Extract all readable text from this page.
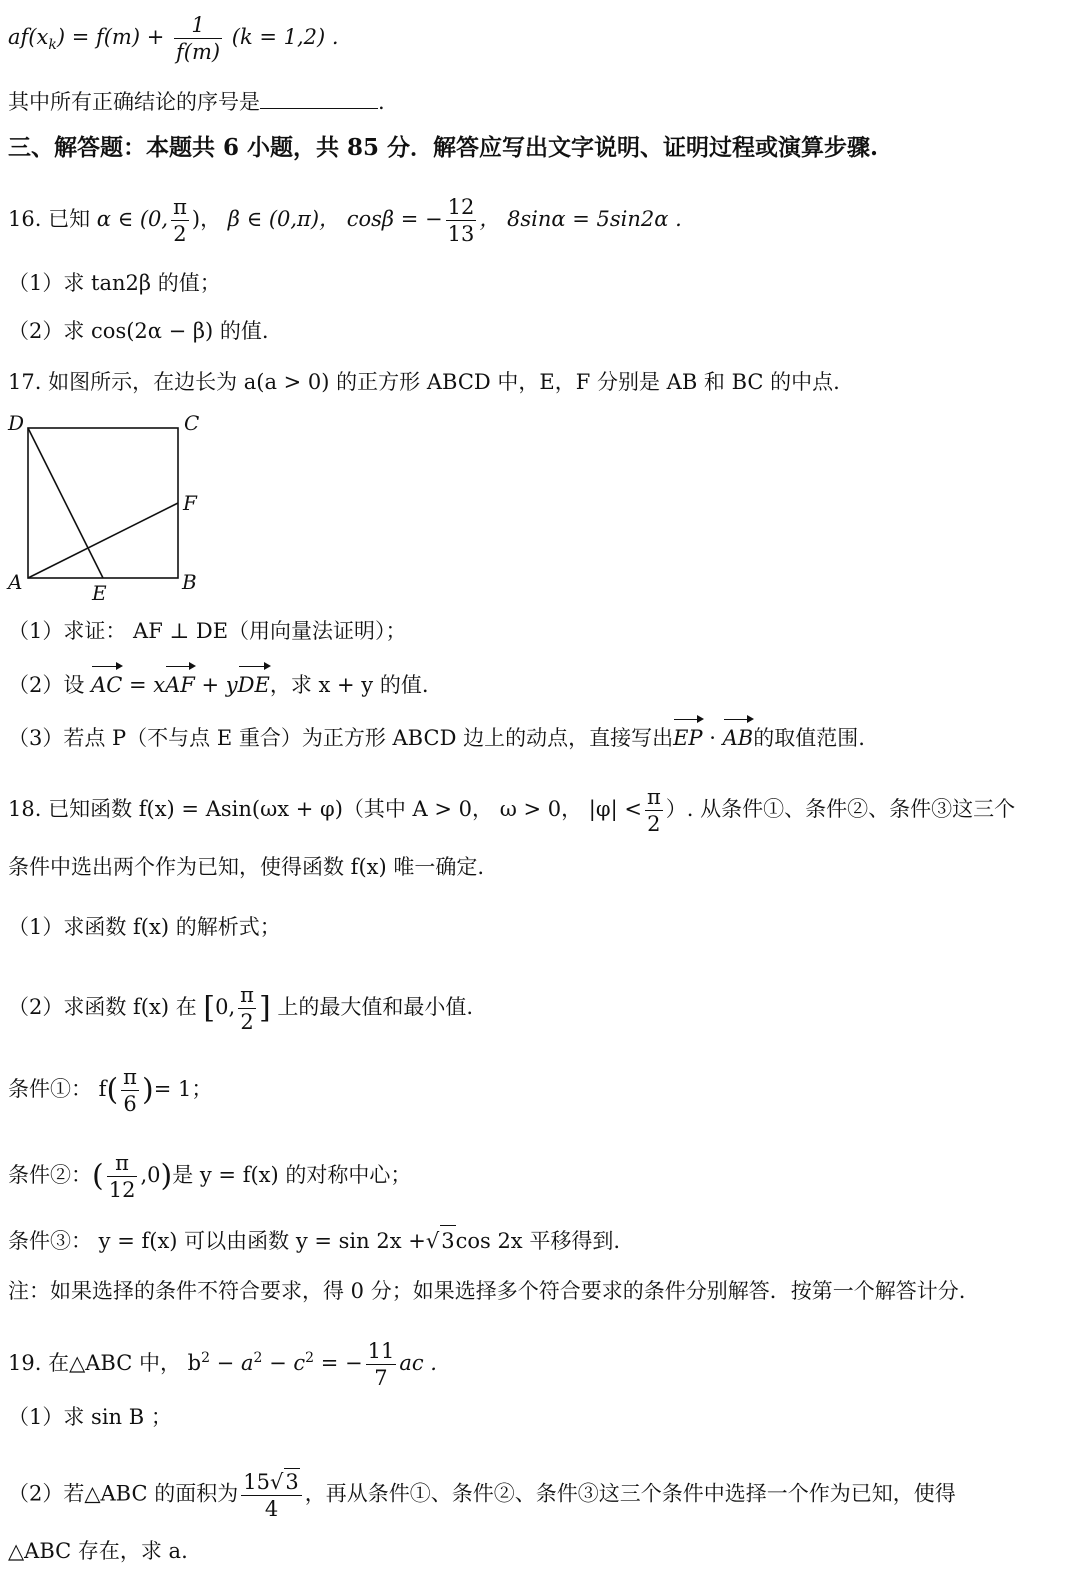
$af(x_k) = f(m) + \frac{1}{f(m)} (k = 1,2)$ .
其中所有正确结论的序号是	.
三、解答题：本题共 6 小题，共 85 分．解答应写出文字说明、证明过程或演算步骤.
16. 已知 α ∈ (0, $\frac{\pi}{2}$ )， β ∈ (0,π)， cosβ = − $\frac{12}{13}$ ， 8sinα = 5sin2α .
（1）求 tan2β 的值；
（2）求 cos(2α − β) 的值.
17. 如图所示，在边长为 a(a > 0) 的正方形 ABCD 中，E，F 分别是 AB 和 BC 的中点.
D	C
F
A	E	B
（1）求证： AF ⊥ DE（用向量法证明）；
（2）设 AC = xAF + yDE，求 x + y 的值.
（3）若点 P（不与点 E 重合）为正方形 ABCD 边上的动点，直接写出EP · AB的取值范围.
18. 已知函数 f(x) = Asin(ωx + φ)（其中 A > 0， ω > 0， $|\varphi| < \frac{\pi}{2}$ ）. 从条件①、条件②、条件③这三个
条件中选出两个作为已知，使得函数 f(x) 唯一确定.
（1）求函数 f(x) 的解析式；
（2）求函数 f(x) 在 [0, $\frac{\pi}{2}$ ] 上的最大值和最小值.
条件①： $f( \frac{\pi}{6}$ )= 1；
条件②：( $\frac{\pi}{12} ,0$)是 y = f(x) 的对称中心；
条件③： y = f(x) 可以由函数 y = sin 2x +√3cos 2x 平移得到.
注：如果选择的条件不符合要求，得 0 分；如果选择多个符合要求的条件分别解答．按第一个解答计分.
19. 在△ABC 中， $b^2 - a^2 - c^2$ = − $\frac{11}{7}$ ac .
（1）求 sin B ；
（2）若△ABC 的面积为 $\frac{15√3}{4}$ ，再从条件①、条件②、条件③这三个条件中选择一个作为已知，使得
△ABC 存在，求 a.
